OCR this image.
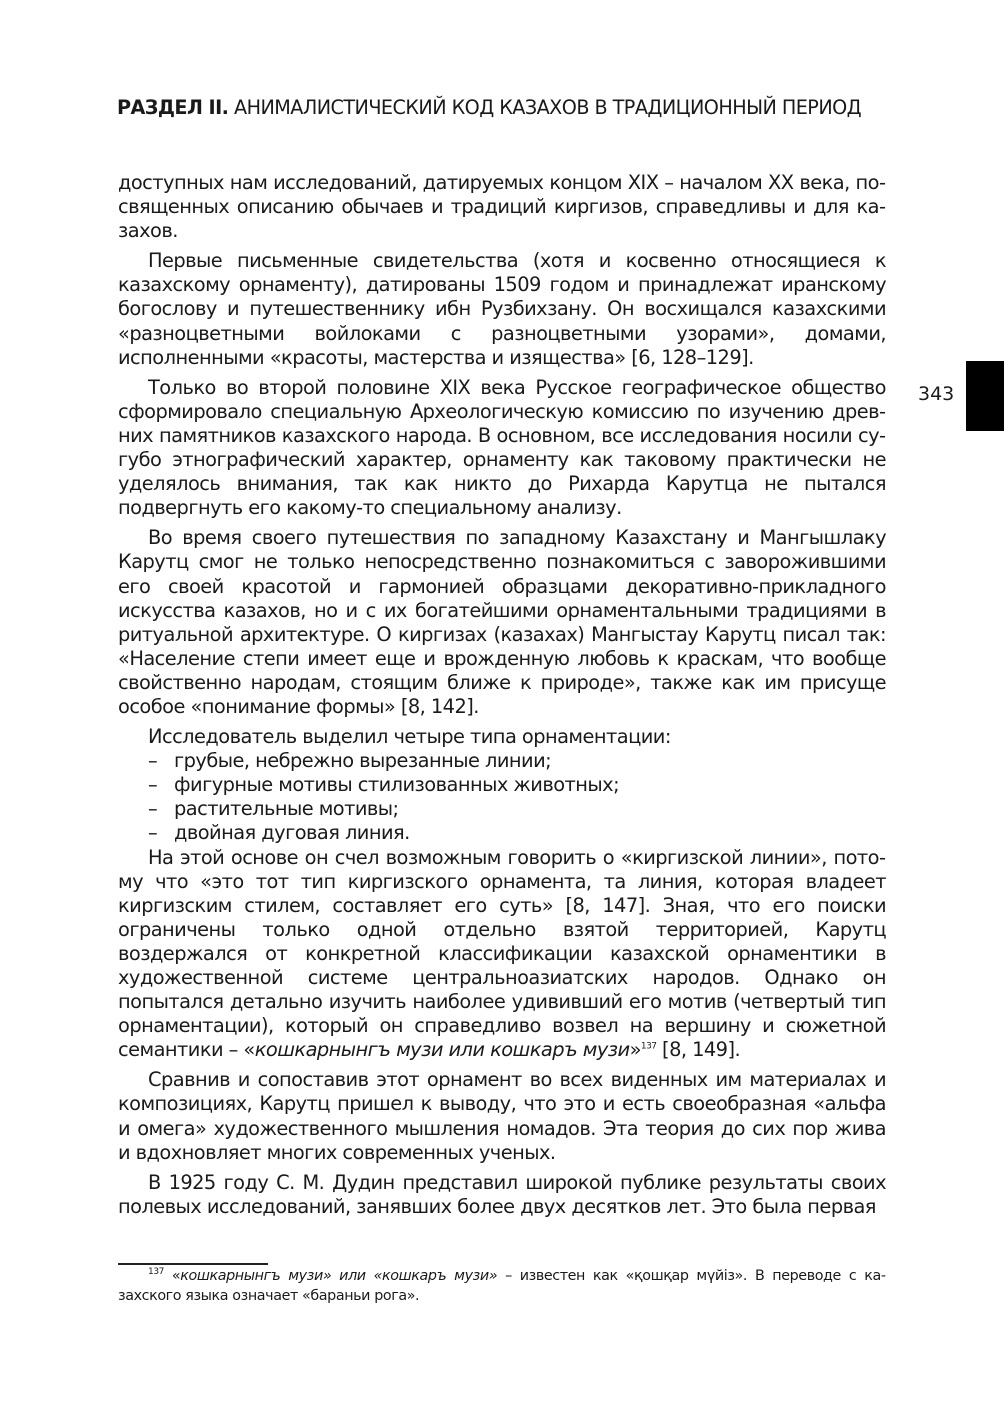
РАЗДЕЛ II. АНИМАЛИСТИЧЕСКИЙ КОД КАЗАХОВ В ТРАДИЦИОННЫЙ ПЕРИОД
343

доступных нам исследований, датируемых концом XIX – началом XX века, посвященных описанию обычаев и традиций киргизов, справедливы и для казахов.

Первые письменные свидетельства (хотя и косвенно относящиеся к казахскому орнаменту), датированы 1509 годом и принадлежат иранскому богослову и путешественнику ибн Рузбихзану. Он восхищался казахскими «разноцветными войлоками с разноцветными узорами», домами, исполненными «красоты, мастерства и изящества» [6, 128–129].

Только во второй половине XIX века Русское географическое общество сформировало специальную Археологическую комиссию по изучению древних памятников казахского народа. В основном, все исследования носили сугубо этнографический характер, орнаменту как таковому практически не уделялось внимания, так как никто до Рихарда Карутца не пытался подвергнуть его какому-то специальному анализу.

Во время своего путешествия по западному Казахстану и Мангышлаку Карутц смог не только непосредственно познакомиться с заворожившими его своей красотой и гармонией образцами декоративно-прикладного искусства казахов, но и с их богатейшими орнаментальными традициями в ритуальной архитектуре. О киргизах (казахах) Мангыстау Карутц писал так: «Население степи имеет еще и врожденную любовь к краскам, что вообще свойственно народам, стоящим ближе к природе», также как им присуще особое «понимание формы» [8, 142].

Исследователь выделил четыре типа орнаментации:

– грубые, небрежно вырезанные линии;
– фигурные мотивы стилизованных животных;
– растительные мотивы;
– двойная дуговая линия.

На этой основе он счел возможным говорить о «киргизской линии», потому что «это тот тип киргизского орнамента, та линия, которая владеет киргизским стилем, составляет его суть» [8, 147]. Зная, что его поиски ограничены только одной отдельно взятой территорией, Карутц воздержался от конкретной классификации казахской орнаментики в художественной системе центральноазиатских народов. Однако он попытался детально изучить наиболее удививший его мотив (четвертый тип орнаментации), который он справедливо возвел на вершину и сюжетной семантики – «кошкарнынгъ музи или кошкаръ музи»$^{137}$ [8, 149].

Сравнив и сопоставив этот орнамент во всех виденных им материалах и композициях, Карутц пришел к выводу, что это и есть своеобразная «альфа и омега» художественного мышления номадов. Эта теория до сих пор жива и вдохновляет многих современных ученых.

В 1925 году С. М. Дудин представил широкой публике результаты своих полевых исследований, занявших более двух десятков лет. Это была первая

$^{137}$ «кошкарнынгъ музи» или «кошкаръ музи» – известен как «қошқар мүйіз». В переводе с казахского языка означает «бараньи рога».
